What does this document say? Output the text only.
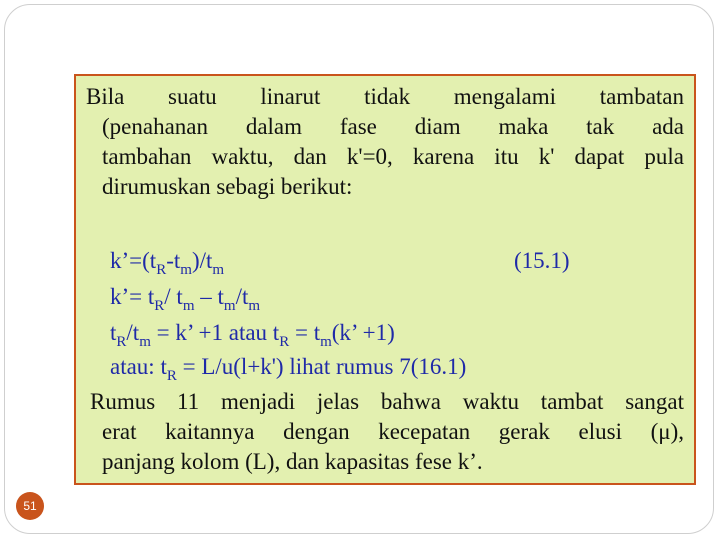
Bila suatu linarut tidak mengalami tambatan
(penahanan dalam fase diam maka tak ada
tambahan waktu, dan k'=0, karena itu k' dapat pula
dirumuskan sebagi berikut:
$k’=(t_R-t_m)/t_m$	(15.1)
k’= $t_R/$ $t_m - t_m/t_m$
$t_R/t_m = k$’ +1 atau $t_R = t_m(k$’ +1)
atau: $t_R = L/u(l+k')$ lihat rumus 7(16.1)
Rumus 11 menjadi jelas bahwa waktu tambat sangat
erat kaitannya dengan kecepatan gerak elusi (μ),
panjang kolom (L), dan kapasitas fese k’.
51
